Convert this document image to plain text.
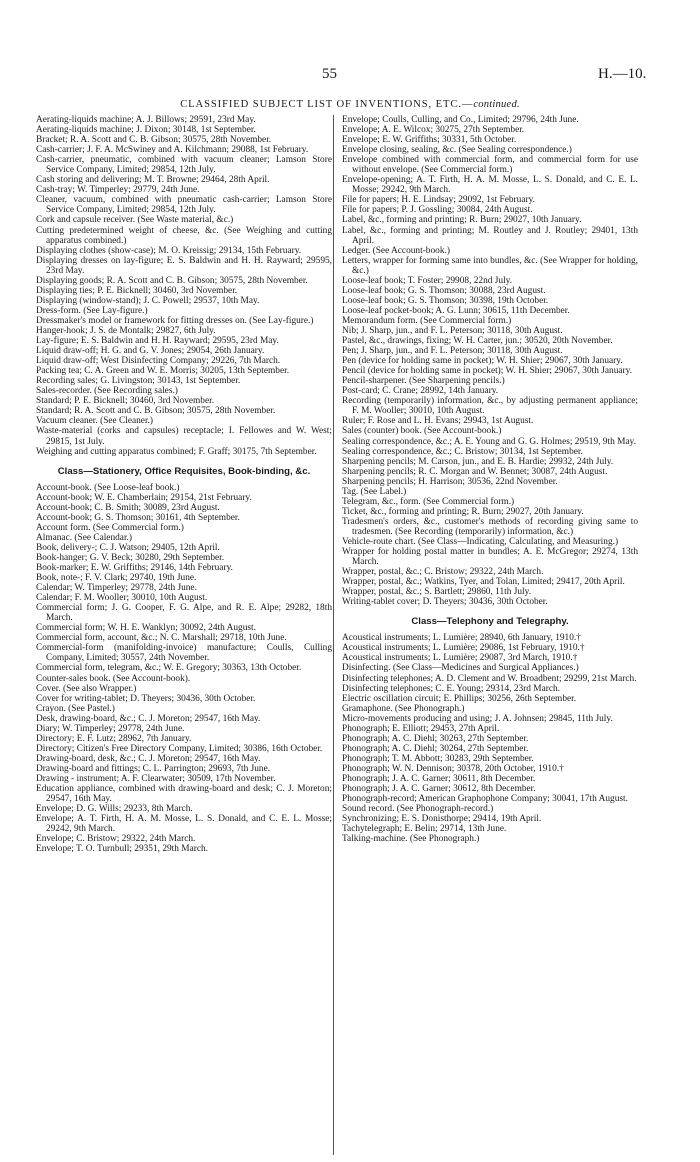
55	H.—10.
CLASSIFIED SUBJECT LIST OF INVENTIONS, ETC.—continued.
Aerating-liquids machine; A. J. Billows; 29591, 23rd May.
Aerating-liquids machine; J. Dixon; 30148, 1st September.
Bracket; R. A. Scott and C. B. Gibson; 30575, 28th November.
Cash-carrier; J. F. A. McSwiney and A. Kilchmann; 29088, 1st February.
Cash-carrier, pneumatic, combined with vacuum cleaner; Lamson Store Service Company, Limited; 29854, 12th July.
Cash storing and delivering; M. T. Browne; 29464, 28th April.
Cash-tray; W. Timperley; 29779, 24th June.
Cleaner, vacuum, combined with pneumatic cash-carrier; Lamson Store Service Company, Limited; 29854, 12th July.
Cork and capsule receiver. (See Waste material, &c.)
Cutting predetermined weight of cheese, &c. (See Weighing and cutting apparatus combined.)
Displaying clothes (show-case); M. O. Kreissig; 29134, 15th February.
Displaying dresses on lay-figure; E. S. Baldwin and H. H. Rayward; 29595, 23rd May.
Displaying goods; R. A. Scott and C. B. Gibson; 30575, 28th November.
Displaying ties; P. E. Bicknell; 30460, 3rd November.
Displaying (window-stand); J. C. Powell; 29537, 10th May.
Dress-form. (See Lay-figure.)
Dressmaker's model or framework for fitting dresses on. (See Lay-figure.)
Hanger-hook; J. S. de Montalk; 29827, 6th July.
Lay-figure; E. S. Baldwin and H. H. Rayward; 29595, 23rd May.
Liquid draw-off; H. G. and G. V. Jones; 29054, 26th January.
Liquid draw-off; West Disinfecting Company; 29226, 7th March.
Packing tea; C. A. Green and W. E. Morris; 30205, 13th September.
Recording sales; G. Livingston; 30143, 1st September.
Sales-recorder. (See Recording sales.)
Standard; P. E. Bicknell; 30460, 3rd November.
Standard; R. A. Scott and C. B. Gibson; 30575, 28th November.
Vacuum cleaner. (See Cleaner.)
Waste-material (corks and capsules) receptacle; I. Fellowes and W. West; 29815, 1st July.
Weighing and cutting apparatus combined; F. Graff; 30175, 7th September.
Class—Stationery, Office Requisites, Book-binding, &c.
Account-book. (See Loose-leaf book.)
Account-book; W. E. Chamberlain; 29154, 21st February.
Account-book; C. B. Smith; 30089, 23rd August.
Account-book; G. S. Thomson; 30161, 4th September.
Account form. (See Commercial form.)
Almanac. (See Calendar.)
Book, delivery-; C. J. Watson; 29405, 12th April.
Book-hanger; G. V. Beck; 30280, 29th September.
Book-marker; E. W. Griffiths; 29146, 14th February.
Book, note-; F. V. Clark; 29740, 19th June.
Calendar; W. Timperley; 29778, 24th June.
Calendar; F. M. Wooller; 30010, 10th August.
Commercial form; J. G. Cooper, F. G. Alpe, and R. E. Alpe; 29282, 18th March.
Commercial form; W. H. E. Wanklyn; 30092, 24th August.
Commercial form, account, &c.; N. C. Marshall; 29718, 10th June.
Commercial-form (manifolding-invoice) manufacture; Coulls, Culling Company, Limited; 30557, 24th November.
Commercial form, telegram, &c.; W. E. Gregory; 30363, 13th October.
Counter-sales book. (See Account-book).
Cover. (See also Wrapper.)
Cover for writing-tablet; D. Theyers; 30436, 30th October.
Crayon. (See Pastel.)
Desk, drawing-board, &c.; C. J. Moreton; 29547, 16th May.
Diary; W. Timperley; 29778, 24th June.
Directory; E. F. Lutz; 28962, 7th January.
Directory; Citizen's Free Directory Company, Limited; 30386, 16th October.
Drawing-board, desk, &c.; C. J. Moreton; 29547, 16th May.
Drawing-board and fittings; C. L. Parrington; 29693, 7th June.
Drawing - instrument; A. F. Clearwater; 30509, 17th November.
Education appliance, combined with drawing-board and desk; C. J. Moreton; 29547, 16th May.
Envelope; D. G. Wills; 29233, 8th March.
Envelope; A. T. Firth, H. A. M. Mosse, L. S. Donald, and C. E. L. Mosse; 29242, 9th March.
Envelope; C. Bristow; 29322, 24th March.
Envelope; T. O. Turnbull; 29351, 29th March.
Envelope; Coulls, Culling, and Co., Limited; 29796, 24th June.
Envelope; A. E. Wilcox; 30275, 27th September.
Envelope; E. W. Griffiths; 30331, 5th October.
Envelope closing, sealing, &c. (See Sealing correspondence.)
Envelope combined with commercial form, and commercial form for use without envelope. (See Commercial form.)
Envelope-opening; A. T. Firth, H. A. M. Mosse, L. S. Donald, and C. E. L. Mosse; 29242, 9th March.
File for papers; H. E. Lindsay; 29092, 1st February.
File for papers; P. J. Gossling; 30084, 24th August.
Label, &c., forming and printing; R. Burn; 29027, 10th January.
Label, &c., forming and printing; M. Routley and J. Routley; 29401, 13th April.
Ledger. (See Account-book.)
Letters, wrapper for forming same into bundles, &c. (See Wrapper for holding, &c.)
Loose-leaf book; T. Foster; 29908, 22nd July.
Loose-leaf book; G. S. Thomson; 30088, 23rd August.
Loose-leaf book; G. S. Thomson; 30398, 19th October.
Loose-leaf pocket-book; A. G. Lunn; 30615, 11th December.
Memorandum form. (See Commercial form.)
Nib; J. Sharp, jun., and F. L. Peterson; 30118, 30th August.
Pastel, &c., drawings, fixing; W. H. Carter, jun.; 30520, 20th November.
Pen; J. Sharp, jun., and F. L. Peterson; 30118, 30th August.
Pen (device for holding same in pocket); W. H. Shier; 29067, 30th January.
Pencil (device for holding same in pocket); W. H. Shier; 29067, 30th January.
Pencil-sharpener. (See Sharpening pencils.)
Post-card; C. Crane; 28992, 14th January.
Recording (temporarily) information, &c., by adjusting permanent appliance; F. M. Wooller; 30010, 10th August.
Ruler; F. Rose and L. H. Evans; 29943, 1st August.
Sales (counter) book. (See Account-book.)
Sealing correspondence, &c.; A. E. Young and G. G. Holmes; 29519, 9th May.
Sealing correspondence, &c.; C. Bristow; 30134, 1st September.
Sharpening pencils; M. Carson, jun., and E. B. Hardie; 29932, 24th July.
Sharpening pencils; R. C. Morgan and W. Bennet; 30087, 24th August.
Sharpening pencils; H. Harrison; 30536, 22nd November.
Tag. (See Label.)
Telegram, &c., form. (See Commercial form.)
Ticket, &c., forming and printing; R. Burn; 29027, 20th January.
Tradesmen's orders, &c., customer's methods of recording giving same to tradesmen. (See Recording (temporarily) information, &c.)
Vehicle-route chart. (See Class—Indicating, Calculating, and Measuring.)
Wrapper for holding postal matter in bundles; A. E. McGregor; 29274, 13th March.
Wrapper, postal, &c.; C. Bristow; 29322, 24th March.
Wrapper, postal, &c.; Watkins, Tyer, and Tolan, Limited; 29417, 20th April.
Wrapper, postal, &c.; S. Bartlett; 29860, 11th July.
Writing-tablet cover; D. Theyers; 30436, 30th October.
Class—Telephony and Telegraphy.
Acoustical instruments; L. Lumière; 28940, 6th January, 1910.†
Acoustical instruments; L. Lumière; 29086, 1st February, 1910.†
Acoustical instruments; L. Lumière; 29087, 3rd March, 1910.†
Disinfecting. (See Class—Medicines and Surgical Appliances.)
Disinfecting telephones; A. D. Clement and W. Broadbent; 29299, 21st March.
Disinfecting telephones; C. E. Young; 29314, 23rd March.
Electric oscillation circuit; E. Phillips; 30256, 26th September.
Gramaphone. (See Phonograph.)
Micro-movements producing and using; J. A. Johnsen; 29845, 11th July.
Phonograph; E. Elliott; 29453, 27th April.
Phonograph; A. C. Diehl; 30263, 27th September.
Phonograph; A. C. Diehl; 30264, 27th September.
Phonograph; T. M. Abbott; 30283, 29th September.
Phonograph; W. N. Dennison; 30378, 20th October, 1910.†
Phonograph; J. A. C. Garner; 30611, 8th December.
Phonograph; J. A. C. Garner; 30612, 8th December.
Phonograph-record; American Graphophone Company; 30041, 17th August.
Sound record. (See Phonograph-record.)
Synchronizing; E. S. Donisthorpe; 29414, 19th April.
Tachytelegraph; E. Belin; 29714, 13th June.
Talking-machine. (See Phonograph.)
